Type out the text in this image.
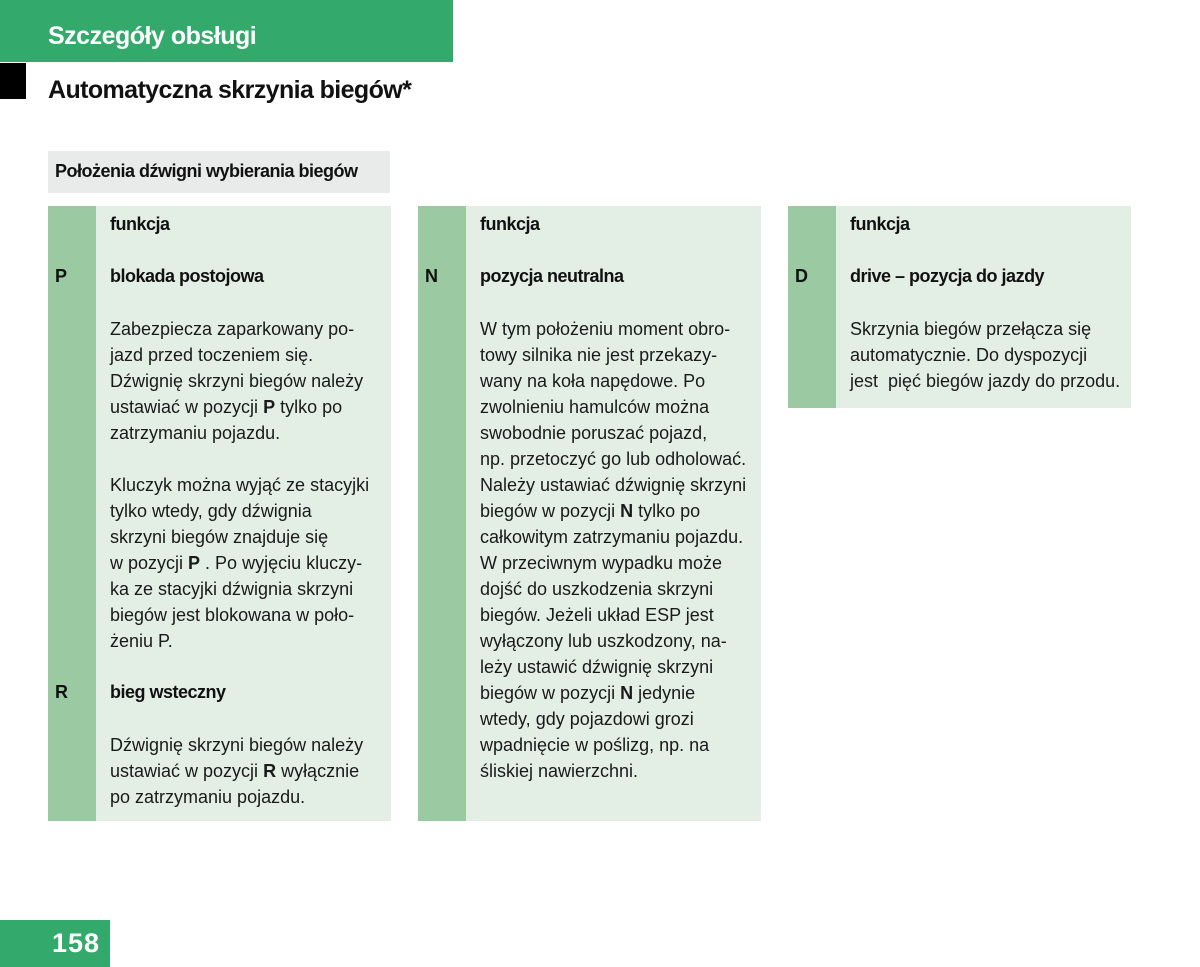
Szczegóły obsługi
Automatyczna skrzynia biegów*
Położenia dźwigni wybierania biegów
funkcja
P blokada postojowa
Zabezpiecza zaparkowany po-
jazd przed toczeniem się.
Dźwignię skrzyni biegów należy
ustawiać w pozycji P tylko po
zatrzymaniu pojazdu.
Kluczyk można wyjąć ze stacyjki
tylko wtedy, gdy dźwignia
skrzyni biegów znajduje się
w pozycji P . Po wyjęciu kluczy-
ka ze stacyjki dźwignia skrzyni
biegów jest blokowana w poło-
żeniu P.
R bieg wsteczny
Dźwignię skrzyni biegów należy
ustawiać w pozycji R wyłącznie
po zatrzymaniu pojazdu.
funkcja
N pozycja neutralna
W tym położeniu moment obro-
towy silnika nie jest przekazy-
wany na koła napędowe. Po
zwolnieniu hamulców można
swobodnie poruszać pojazd,
np. przetoczyć go lub odholować.
Należy ustawiać dźwignię skrzyni
biegów w pozycji N tylko po
całkowitym zatrzymaniu pojazdu.
W przeciwnym wypadku może
dojść do uszkodzenia skrzyni
biegów. Jeżeli układ ESP jest
wyłączony lub uszkodzony, na-
leży ustawić dźwignię skrzyni
biegów w pozycji N jedynie
wtedy, gdy pojazdowi grozi
wpadnięcie w poślizg, np. na
śliskiej nawierzchni.
funkcja
D drive – pozycja do jazdy
Skrzynia biegów przełącza się
automatycznie. Do dyspozycji
jest  pięć biegów jazdy do przodu.
158
